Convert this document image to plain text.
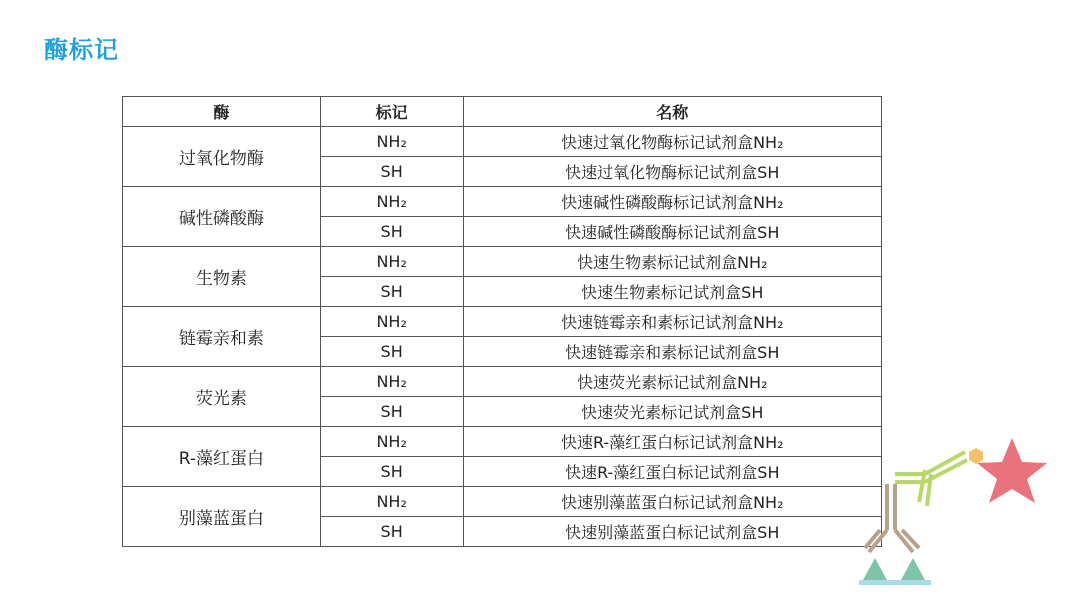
酶标记
酶	标记	名称
过氧化物酶	NH₂	快速过氧化物酶标记试剂盒NH₂
	SH	快速过氧化物酶标记试剂盒SH
碱性磷酸酶	NH₂	快速碱性磷酸酶标记试剂盒NH₂
	SH	快速碱性磷酸酶标记试剂盒SH
生物素	NH₂	快速生物素标记试剂盒NH₂
	SH	快速生物素标记试剂盒SH
链霉亲和素	NH₂	快速链霉亲和素标记试剂盒NH₂
	SH	快速链霉亲和素标记试剂盒SH
荧光素	NH₂	快速荧光素标记试剂盒NH₂
	SH	快速荧光素标记试剂盒SH
R-藻红蛋白	NH₂	快速R-藻红蛋白标记试剂盒NH₂
	SH	快速R-藻红蛋白标记试剂盒SH
别藻蓝蛋白	NH₂	快速别藻蓝蛋白标记试剂盒NH₂
	SH	快速别藻蓝蛋白标记试剂盒SH
